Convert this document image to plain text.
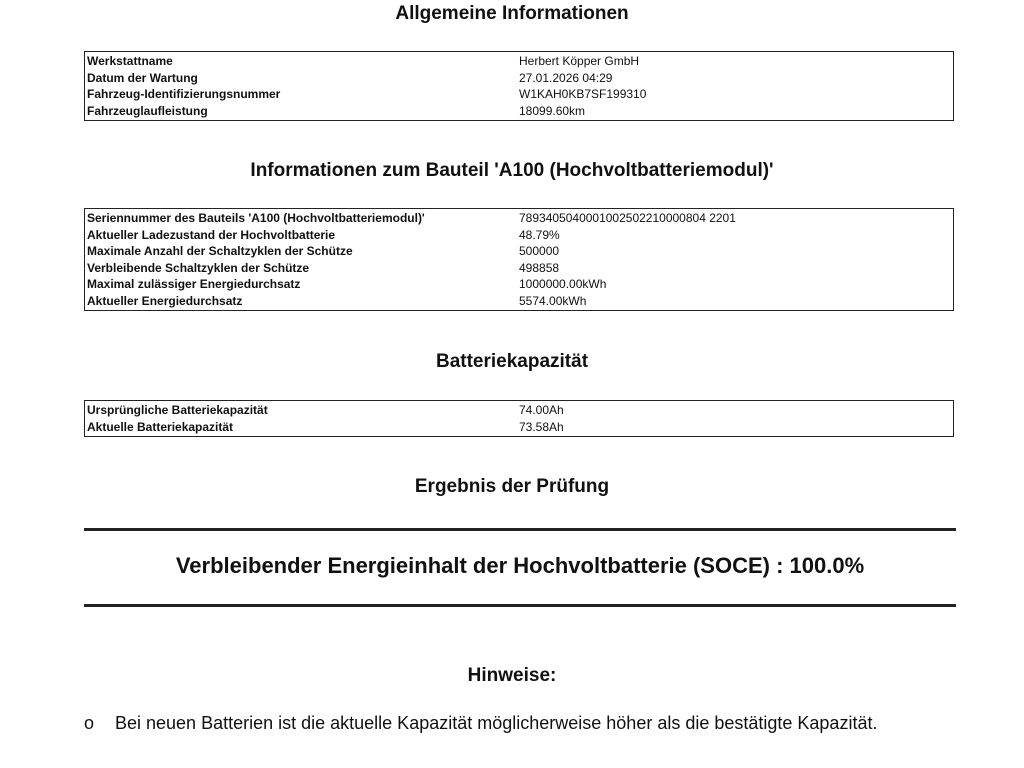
Allgemeine Informationen
Werkstattname	Herbert Köpper GmbH
Datum der Wartung	27.01.2026 04:29
Fahrzeug-Identifizierungsnummer	W1KAH0KB7SF199310
Fahrzeuglaufleistung	18099.60km
Informationen zum Bauteil 'A100 (Hochvoltbatteriemodul)'
Seriennummer des Bauteils 'A100 (Hochvoltbatteriemodul)'	7893405040001002502210000804 2201
Aktueller Ladezustand der Hochvoltbatterie	48.79%
Maximale Anzahl der Schaltzyklen der Schütze	500000
Verbleibende Schaltzyklen der Schütze	498858
Maximal zulässiger Energiedurchsatz	1000000.00kWh
Aktueller Energiedurchsatz	5574.00kWh
Batteriekapazität
Ursprüngliche Batteriekapazität	74.00Ah
Aktuelle Batteriekapazität	73.58Ah
Ergebnis der Prüfung

Verbleibender Energieinhalt der Hochvoltbatterie (SOCE) : 100.0%

Hinweise:
o	Bei neuen Batterien ist die aktuelle Kapazität möglicherweise höher als die bestätigte Kapazität.
